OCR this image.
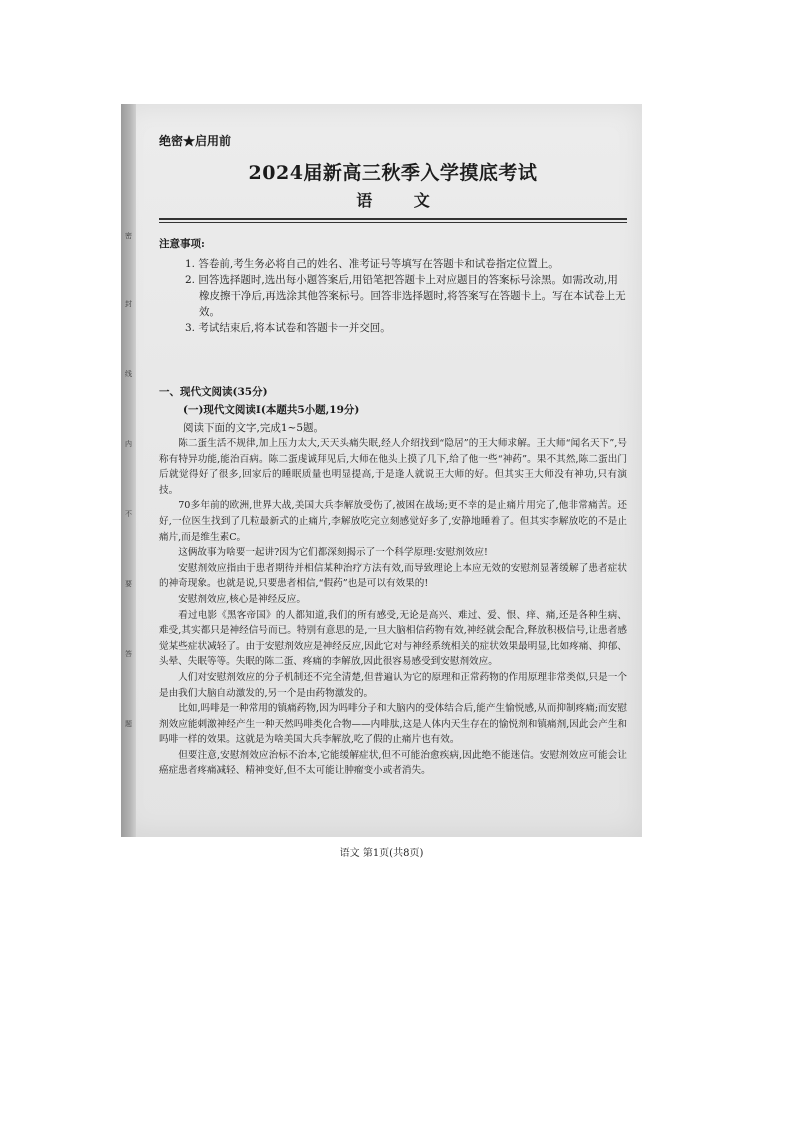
密
封
线
内
不
要
答
题
绝密★启用前
2024届新高三秋季入学摸底考试
语 文
注意事项:

1. 答卷前,考生务必将自己的姓名、准考证号等填写在答题卡和试卷指定位置上。

2. 回答选择题时,选出每小题答案后,用铅笔把答题卡上对应题目的答案标号涂黑。如需改动,用橡皮擦干净后,再选涂其他答案标号。回答非选择题时,将答案写在答题卡上。写在本试卷上无效。

3. 考试结束后,将本试卷和答题卡一并交回。

一、现代文阅读(35分)
(一)现代文阅读Ⅰ(本题共5小题,19分)
阅读下面的文字,完成1~5题。

陈二蛋生活不规律,加上压力太大,天天头痛失眠,经人介绍找到“隐居”的王大师求解。王大师“闻名天下”,号称有特异功能,能治百病。陈二蛋虔诚拜见后,大师在他头上摸了几下,给了他一些“神药”。果不其然,陈二蛋出门后就觉得好了很多,回家后的睡眠质量也明显提高,于是逢人就说王大师的好。但其实王大师没有神功,只有演技。

70多年前的欧洲,世界大战,美国大兵李解放受伤了,被困在战场;更不幸的是止痛片用完了,他非常痛苦。还好,一位医生找到了几粒最新式的止痛片,李解放吃完立刻感觉好多了,安静地睡着了。但其实李解放吃的不是止痛片,而是维生素C。

这俩故事为啥要一起讲?因为它们都深刻揭示了一个科学原理:安慰剂效应!

安慰剂效应指由于患者期待并相信某种治疗方法有效,而导致理论上本应无效的安慰剂显著缓解了患者症状的神奇现象。也就是说,只要患者相信,“假药”也是可以有效果的!

安慰剂效应,核心是神经反应。

看过电影《黑客帝国》的人都知道,我们的所有感受,无论是高兴、难过、爱、恨、痒、痛,还是各种生病、难受,其实都只是神经信号而已。特别有意思的是,一旦大脑相信药物有效,神经就会配合,释放积极信号,让患者感觉某些症状减轻了。由于安慰剂效应是神经反应,因此它对与神经系统相关的症状效果最明显,比如疼痛、抑郁、头晕、失眠等等。失眠的陈二蛋、疼痛的李解放,因此很容易感受到安慰剂效应。

人们对安慰剂效应的分子机制还不完全清楚,但普遍认为它的原理和正常药物的作用原理非常类似,只是一个是由我们大脑自动激发的,另一个是由药物激发的。

比如,吗啡是一种常用的镇痛药物,因为吗啡分子和大脑内的受体结合后,能产生愉悦感,从而抑制疼痛;而安慰剂效应能刺激神经产生一种天然吗啡类化合物——内啡肽,这是人体内天生存在的愉悦剂和镇痛剂,因此会产生和吗啡一样的效果。这就是为啥美国大兵李解放,吃了假的止痛片也有效。

但要注意,安慰剂效应治标不治本,它能缓解症状,但不可能治愈疾病,因此绝不能迷信。安慰剂效应可能会让癌症患者疼痛减轻、精神变好,但不太可能让肿瘤变小或者消失。

语文 第1页(共8页)
